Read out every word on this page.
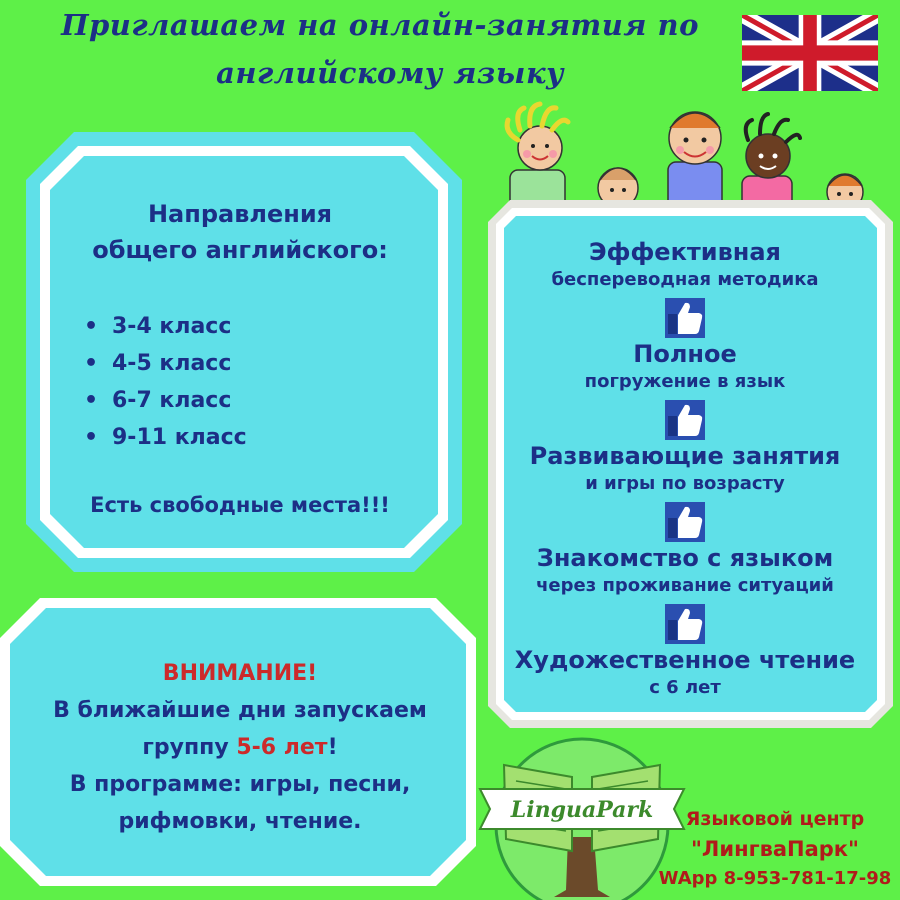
Приглашаем на онлайн-занятия по
английскому языку
Направления
общего английского:
• 3-4 класс
• 4-5 класс
• 6-7 класс
• 9-11 класс
Есть свободные места!!!
ВНИМАНИЕ!
В ближайшие дни запускаем
группу 5-6 лет!
В программе: игры, песни,
рифмовки, чтение.
Эффективная
беспереводная методика
Полное
погружение в язык
Развивающие занятия
и игры по возрасту
Знакомство с языком
через проживание ситуаций
Художественное чтение
с 6 лет
LinguaPark	Языковой центр
"ЛингваПарк"
WApp 8-953-781-17-98
